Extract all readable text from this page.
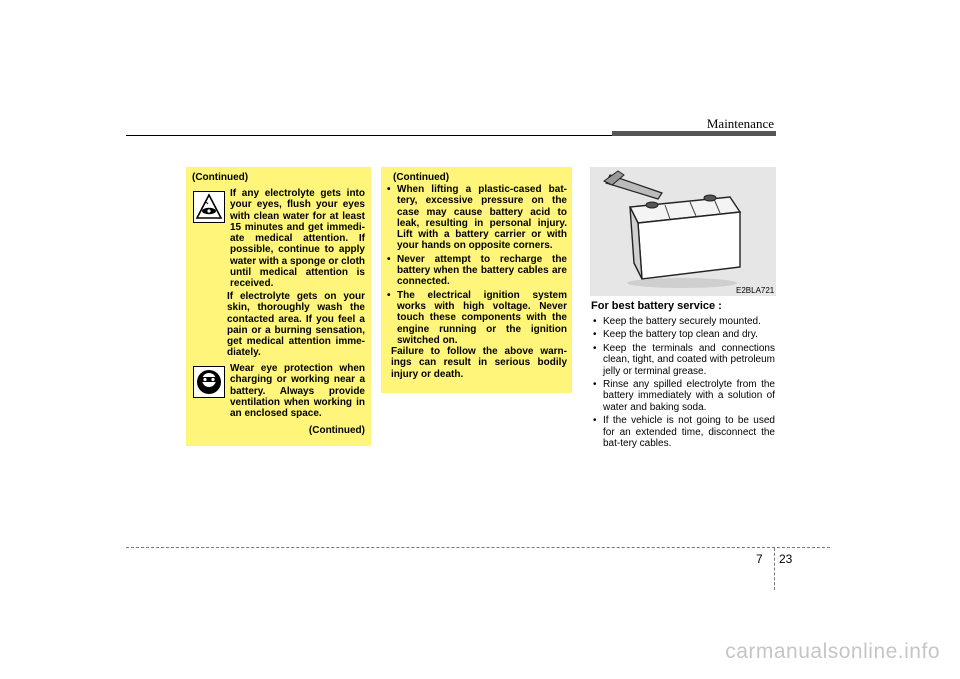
Maintenance
(Continued)
If any electrolyte gets into your eyes, flush your eyes with clean water for at least 15 minutes and get immedi-ate medical attention. If possible, continue to apply water with a sponge or cloth until medical attention is received.
If electrolyte gets on your skin, thoroughly wash the contacted area. If you feel a pain or a burning sensation, get medical attention imme-diately.
Wear eye protection when charging or working near a battery. Always provide ventilation when working in an enclosed space.
(Continued)
(Continued)
• When lifting a plastic-cased bat-tery, excessive pressure on the case may cause battery acid to leak, resulting in personal injury. Lift with a battery carrier or with your hands on opposite corners.
• Never attempt to recharge the battery when the battery cables are connected.
• The electrical ignition system works with high voltage. Never touch these components with the engine running or the ignition switched on.
Failure to follow the above warn-ings can result in serious bodily injury or death.
E2BLA721
For best battery service :
• Keep the battery securely mounted.
• Keep the battery top clean and dry.
• Keep the terminals and connections clean, tight, and coated with petroleum jelly or terminal grease.
• Rinse any spilled electrolyte from the battery immediately with a solution of water and baking soda.
• If the vehicle is not going to be used for an extended time, disconnect the bat-tery cables.
7 23
carmanualsonline.info
